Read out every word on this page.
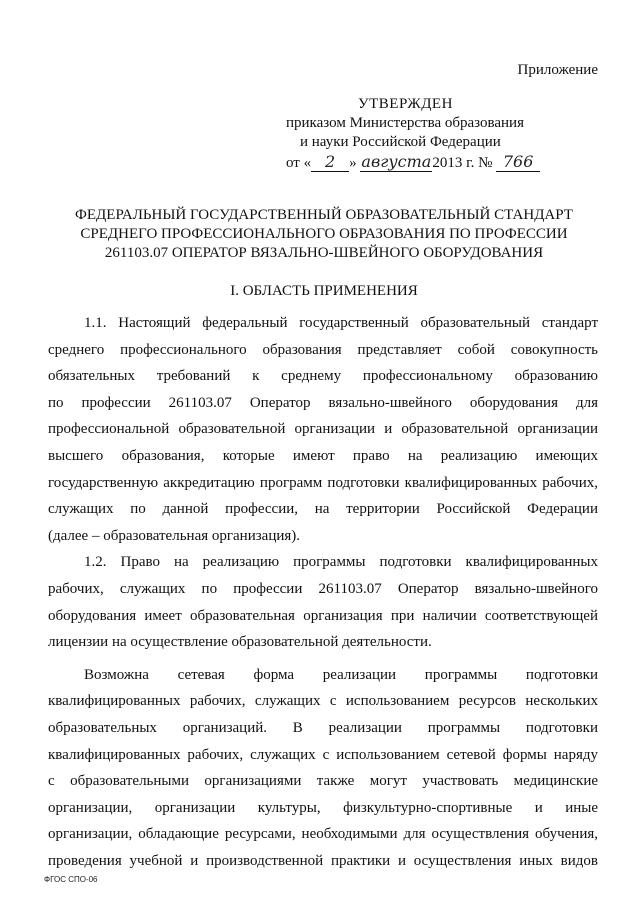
Приложение
УТВЕРЖДЕН
приказом Министерства образования
и науки Российской Федерации
от « 2 » августа2013 г. № 766
ФЕДЕРАЛЬНЫЙ ГОСУДАРСТВЕННЫЙ ОБРАЗОВАТЕЛЬНЫЙ СТАНДАРТ
СРЕДНЕГО ПРОФЕССИОНАЛЬНОГО ОБРАЗОВАНИЯ ПО ПРОФЕССИИ
261103.07 ОПЕРАТОР ВЯЗАЛЬНО-ШВЕЙНОГО ОБОРУДОВАНИЯ
I. ОБЛАСТЬ ПРИМЕНЕНИЯ
1.1. Настоящий федеральный государственный образовательный стандарт
среднего профессионального образования представляет собой совокупность
обязательных требований к среднему профессиональному образованию
по профессии 261103.07 Оператор вязально-швейного оборудования для
профессиональной образовательной организации и образовательной организации
высшего образования, которые имеют право на реализацию имеющих
государственную аккредитацию программ подготовки квалифицированных рабочих,
служащих по данной профессии, на территории Российской Федерации
(далее – образовательная организация).
1.2. Право на реализацию программы подготовки квалифицированных
рабочих, служащих по профессии 261103.07 Оператор вязально-швейного
оборудования имеет образовательная организация при наличии соответствующей
лицензии на осуществление образовательной деятельности.
Возможна сетевая форма реализации программы подготовки
квалифицированных рабочих, служащих с использованием ресурсов нескольких
образовательных организаций. В реализации программы подготовки
квалифицированных рабочих, служащих с использованием сетевой формы наряду
с образовательными организациями также могут участвовать медицинские
организации, организации культуры, физкультурно-спортивные и иные
организации, обладающие ресурсами, необходимыми для осуществления обучения,
проведения учебной и производственной практики и осуществления иных видов
ФГОС СПО-06
